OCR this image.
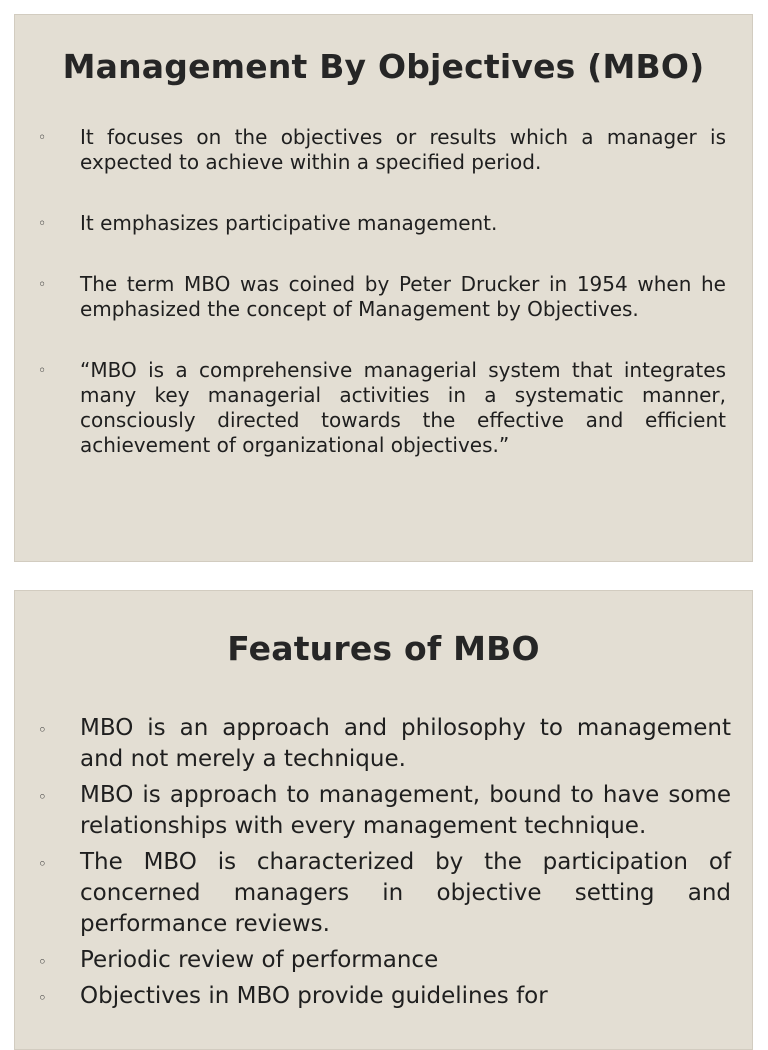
Management By Objectives (MBO)
◦ It focuses on the objectives or results which a manager is expected to achieve within a specified period.
◦ It emphasizes participative management.
◦ The term MBO was coined by Peter Drucker in 1954 when he emphasized the concept of Management by Objectives.
◦ “MBO is a comprehensive managerial system that integrates many key managerial activities in a systematic manner, consciously directed towards the effective and efficient achievement of organizational objectives.”
Features of MBO
◦ MBO is an approach and philosophy to management and not merely a technique.
◦ MBO is approach to management, bound to have some relationships with every management technique.
◦ The MBO is characterized by the participation of concerned managers in objective setting and performance reviews.
◦ Periodic review of performance
◦ Objectives in MBO provide guidelines for
